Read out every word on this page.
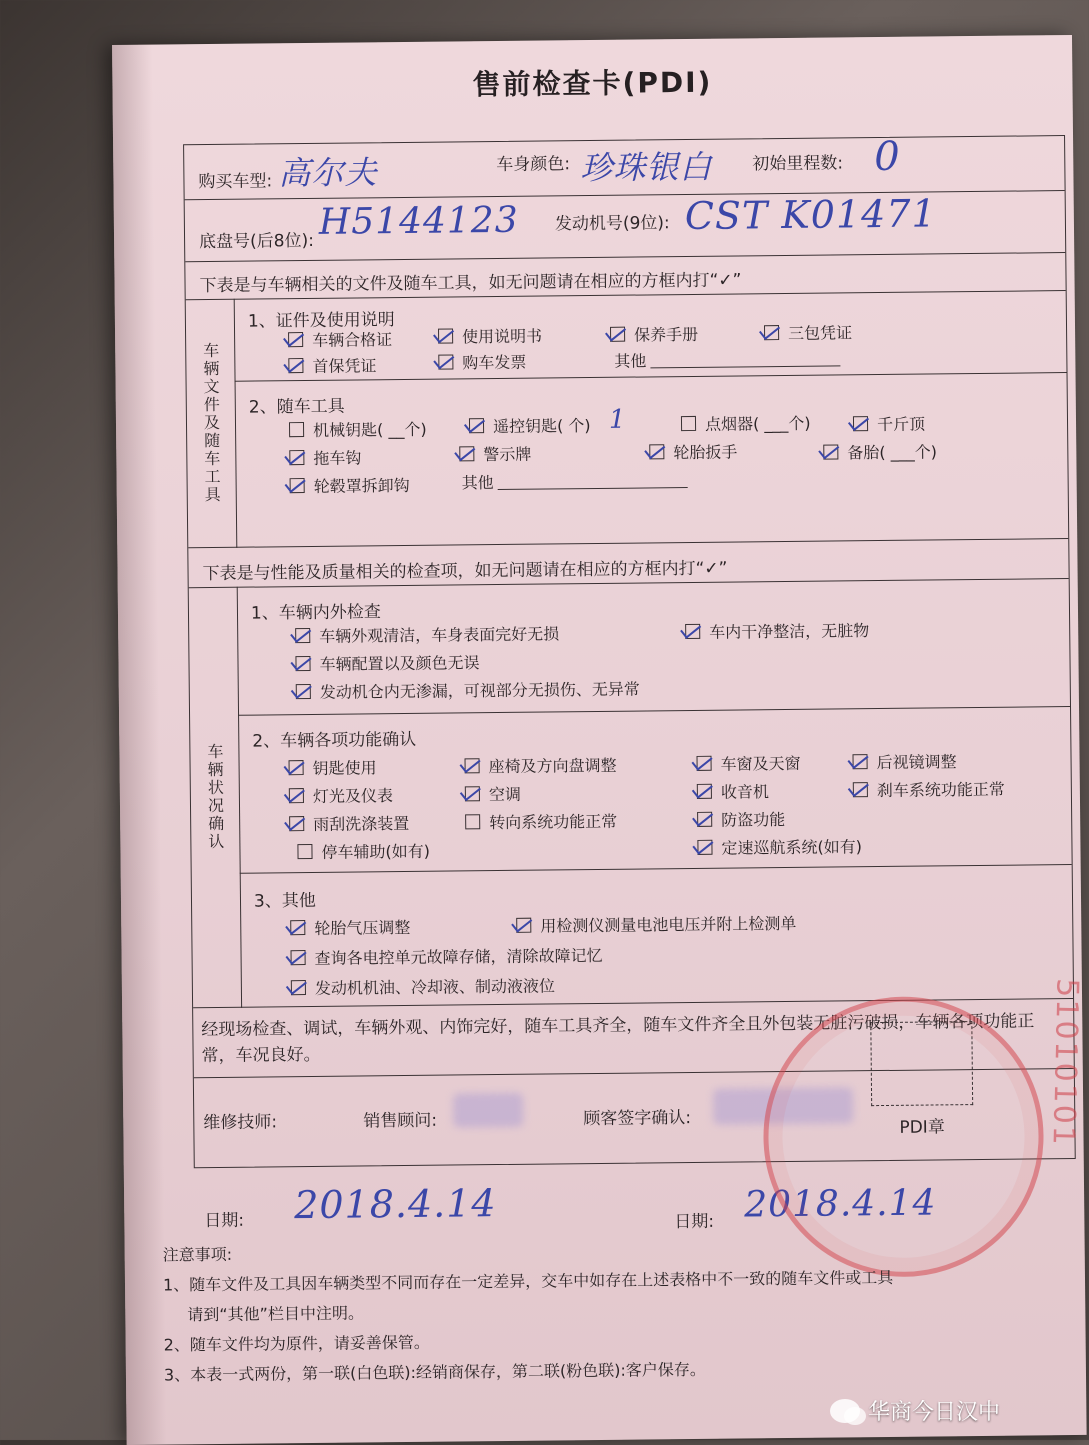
售前检查卡(PDI)
购买车型: 高尔夫	车身颜色: 珍珠银白 初始里程数: 0
底盘号(后8位): H5144123 发动机号(9位): CST K01471
下表是与车辆相关的文件及随车工具，如无问题请在相应的方框内打“✓”
车辆文件及随车工具
1、证件及使用说明
车辆合格证	使用说明书	保养手册	三包凭证
首保凭证	购车发票	其他
2、随车工具
机械钥匙( __个)	遥控钥匙( 个) 1	点烟器( ___个)	千斤顶
拖车钩	警示牌	轮胎扳手	备胎( ___个)
轮毂罩拆卸钩	其他
下表是与性能及质量相关的检查项，如无问题请在相应的方框内打“✓”
车辆状况确认
1、车辆内外检查
车辆外观清洁，车身表面完好无损	车内干净整洁，无脏物
车辆配置以及颜色无误
发动机仓内无渗漏，可视部分无损伤、无异常
2、车辆各项功能确认
钥匙使用	座椅及方向盘调整	车窗及天窗	后视镜调整
灯光及仪表	空调	收音机	刹车系统功能正常
雨刮洗涤装置	转向系统功能正常	防盗功能
停车辅助(如有)	定速巡航系统(如有)
3、其他
轮胎气压调整	用检测仪测量电池电压并附上检测单
查询各电控单元故障存储，清除故障记忆
发动机机油、冷却液、制动液液位
经现场检查、调试，车辆外观、内饰完好，随车工具齐全，随车文件齐全且外包装无脏污破损，车辆各项功能正常，车况良好。
维修技师:	销售顾问:	顾客签字确认:	PDI章
日期: 2018.4.14	日期: 2018.4.14
51010101
注意事项:
1、随车文件及工具因车辆类型不同而存在一定差异，交车中如存在上述表格中不一致的随车文件或工具
请到“其他”栏目中注明。
2、随车文件均为原件，请妥善保管。
3、本表一式两份，第一联(白色联):经销商保存，第二联(粉色联):客户保存。
华商今日汉中
